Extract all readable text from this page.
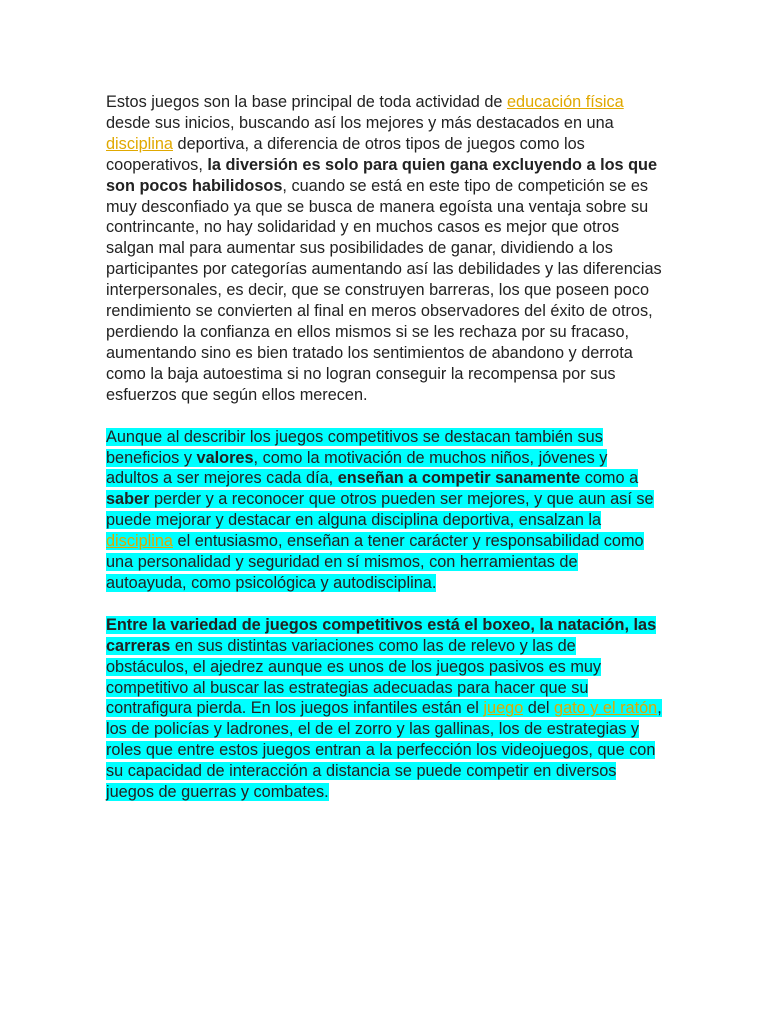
Estos juegos son la base principal de toda actividad de educación física desde sus inicios, buscando así los mejores y más destacados en una disciplina deportiva, a diferencia de otros tipos de juegos como los cooperativos, la diversión es solo para quien gana excluyendo a los que son pocos habilidosos, cuando se está en este tipo de competición se es muy desconfiado ya que se busca de manera egoísta una ventaja sobre su contrincante, no hay solidaridad y en muchos casos es mejor que otros salgan mal para aumentar sus posibilidades de ganar, dividiendo a los participantes por categorías aumentando así las debilidades y las diferencias interpersonales, es decir, que se construyen barreras, los que poseen poco rendimiento se convierten al final en meros observadores del éxito de otros, perdiendo la confianza en ellos mismos si se les rechaza por su fracaso, aumentando sino es bien tratado los sentimientos de abandono y derrota como la baja autoestima si no logran conseguir la recompensa por sus esfuerzos que según ellos merecen.

Aunque al describir los juegos competitivos se destacan también sus beneficios y valores, como la motivación de muchos niños, jóvenes y adultos a ser mejores cada día, enseñan a competir sanamente como a saber perder y a reconocer que otros pueden ser mejores, y que aun así se puede mejorar y destacar en alguna disciplina deportiva, ensalzan la disciplina el entusiasmo, enseñan a tener carácter y responsabilidad como una personalidad y seguridad en sí mismos, con herramientas de autoayuda, como psicológica y autodisciplina.

Entre la variedad de juegos competitivos está el boxeo, la natación, las carreras en sus distintas variaciones como las de relevo y las de obstáculos, el ajedrez aunque es unos de los juegos pasivos es muy competitivo al buscar las estrategias adecuadas para hacer que su contrafigura pierda. En los juegos infantiles están el juego del gato y el ratón, los de policías y ladrones, el de el zorro y las gallinas, los de estrategias y roles que entre estos juegos entran a la perfección los videojuegos, que con su capacidad de interacción a distancia se puede competir en diversos juegos de guerras y combates.
